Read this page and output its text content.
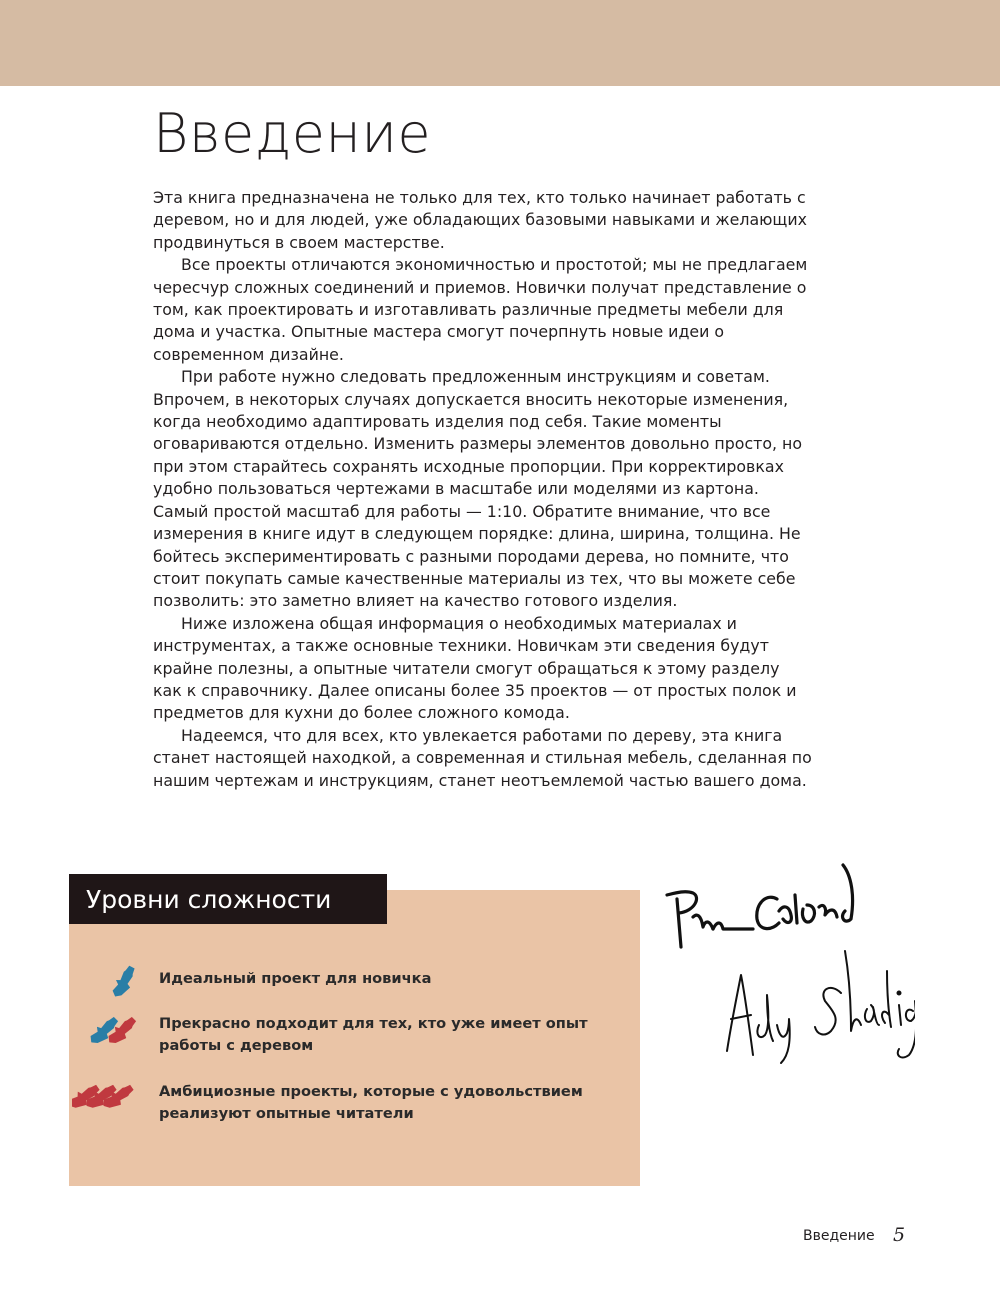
Введение

Эта книга предназначена не только для тех, кто только начинает работать с деревом, но и для людей, уже обладающих базовыми навыками и желающих продвинуться в своем мастерстве.

Все проекты отличаются экономичностью и простотой; мы не предлагаем чересчур сложных соединений и приемов. Новички получат представление о том, как проектировать и изготавливать различные предметы мебели для дома и участка. Опытные мастера смогут почерпнуть новые идеи о современном дизайне.

При работе нужно следовать предложенным инструкциям и советам. Впрочем, в некоторых случаях допускается вносить некоторые изменения, когда необходимо адаптировать изделия под себя. Такие моменты оговариваются отдельно. Изменить размеры элементов довольно просто, но при этом старайтесь сохранять исходные пропорции. При корректировках удобно пользоваться чертежами в масштабе или моделями из картона. Самый простой масштаб для работы — 1:10. Обратите внимание, что все измерения в книге идут в следующем порядке: длина, ширина, толщина. Не бойтесь экспериментировать с разными породами дерева, но помните, что стоит покупать самые качественные материалы из тех, что вы можете себе позволить: это заметно влияет на качество готового изделия.

Ниже изложена общая информация о необходимых материалах и инструментах, а также основные техники. Новичкам эти сведения будут крайне полезны, а опытные читатели смогут обращаться к этому разделу как к справочнику. Далее описаны более 35 проектов — от простых полок и предметов для кухни до более сложного комода.

Надеемся, что для всех, кто увлекается работами по дереву, эта книга станет настоящей находкой, а современная и стильная мебель, сделанная по нашим чертежам и инструкциям, станет неотъемлемой частью вашего дома.

Уровни сложности
Идеальный проект для новичка
Прекрасно подходит для тех, кто уже имеет опыт работы с деревом
Амбициозные проекты, которые с удовольствием реализуют опытные читатели
Введение 5
